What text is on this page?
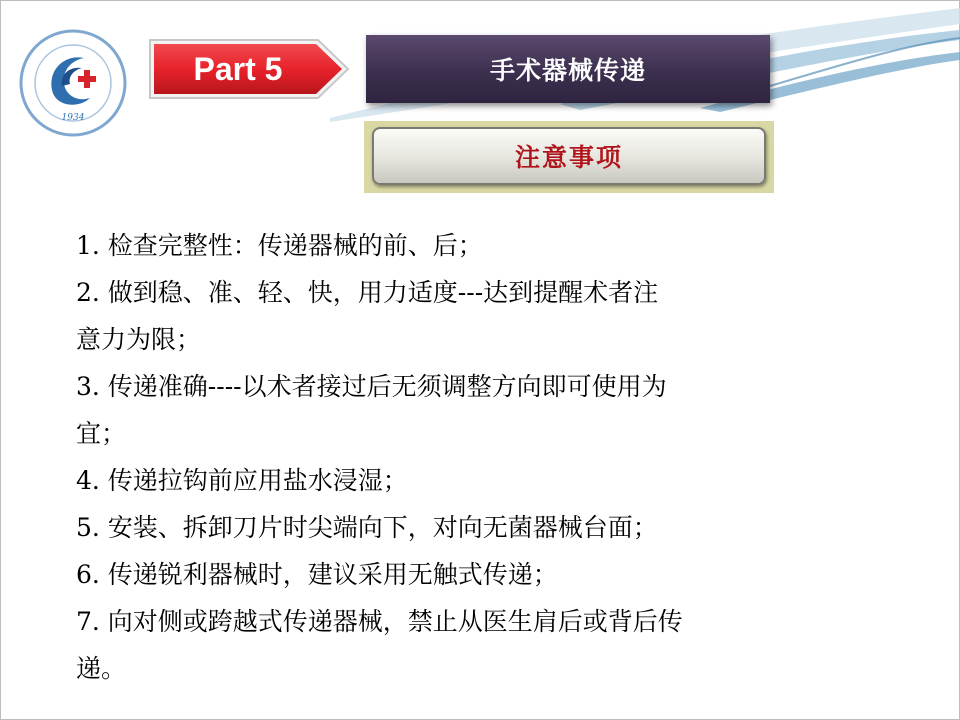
1934
Part 5	手术器械传递
注意事项
1. 检查完整性：传递器械的前、后；
2. 做到稳、准、轻、快，用力适度---达到提醒术者注
意力为限；
3. 传递准确----以术者接过后无须调整方向即可使用为
宜；
4. 传递拉钩前应用盐水浸湿；
5. 安装、拆卸刀片时尖端向下，对向无菌器械台面；
6. 传递锐利器械时，建议采用无触式传递；
7. 向对侧或跨越式传递器械，禁止从医生肩后或背后传
递。
